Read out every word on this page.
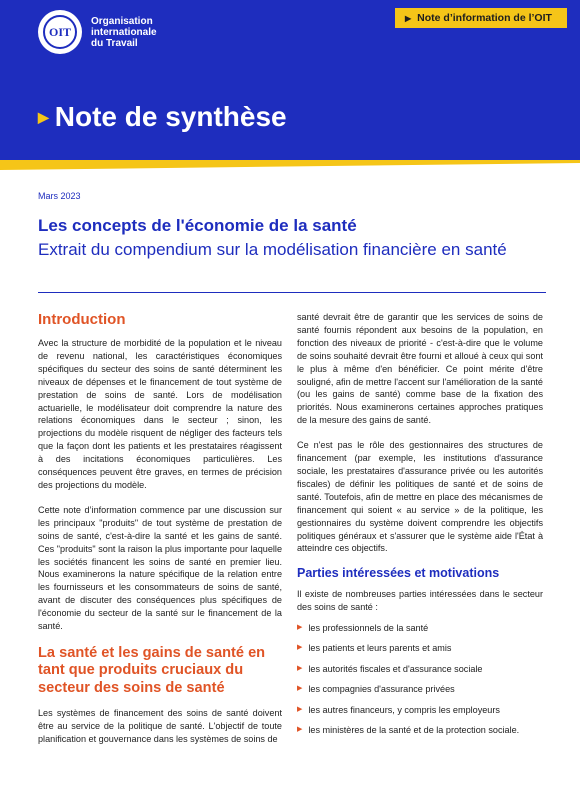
OIT
Organisation
internationale
du Travail
▶ Note d’information de l’OIT
▶ Note de synthèse
Mars 2023
Les concepts de l'économie de la santé
Extrait du compendium sur la modélisation financière en santé
Introduction

Avec la structure de morbidité de la population et le niveau de revenu national, les caractéristiques économiques spécifiques du secteur des soins de santé déterminent les niveaux de dépenses et le financement de tout système de prestation de soins de santé. Lors de modélisation actuarielle, le modélisateur doit comprendre la nature des relations économiques dans le secteur ; sinon, les projections du modèle risquent de négliger des facteurs tels que la façon dont les patients et les prestataires réagissent à des incitations économiques particulières. Les conséquences peuvent être graves, en termes de précision des projections du modèle.

Cette note d’information commence par une discussion sur les principaux "produits" de tout système de prestation de soins de santé, c'est-à-dire la santé et les gains de santé. Ces "produits" sont la raison la plus importante pour laquelle les sociétés financent les soins de santé en premier lieu. Nous examinerons la nature spécifique de la relation entre les fournisseurs et les consommateurs de soins de santé, avant de discuter des conséquences plus spécifiques de l'économie du secteur de la santé sur le financement de la santé.

La santé et les gains de santé en tant que produits cruciaux du secteur des soins de santé

Les systèmes de financement des soins de santé doivent être au service de la politique de santé. L'objectif de toute planification et gouvernance dans les systèmes de soins de

santé devrait être de garantir que les services de soins de santé fournis répondent aux besoins de la population, en fonction des niveaux de priorité - c'est-à-dire que le volume de soins souhaité devrait être fourni et alloué à ceux qui sont le plus à même d'en bénéficier. Ce point mérite d'être souligné, afin de mettre l'accent sur l'amélioration de la santé (ou les gains de santé) comme base de la fixation des priorités. Nous examinerons certaines approches pratiques de la mesure des gains de santé.

Ce n'est pas le rôle des gestionnaires des structures de financement (par exemple, les institutions d'assurance sociale, les prestataires d'assurance privée ou les autorités fiscales) de définir les politiques de santé et de soins de santé. Toutefois, afin de mettre en place des mécanismes de financement qui soient « au service » de la politique, les gestionnaires du système doivent comprendre les objectifs politiques généraux et s'assurer que le système aide l'État à atteindre ces objectifs.

Parties intéressées et motivations

Il existe de nombreuses parties intéressées dans le secteur des soins de santé :

▶ les professionnels de la santé
▶ les patients et leurs parents et amis
▶ les autorités fiscales et d'assurance sociale
▶ les compagnies d'assurance privées
▶ les autres financeurs, y compris les employeurs
▶ les ministères de la santé et de la protection sociale.
